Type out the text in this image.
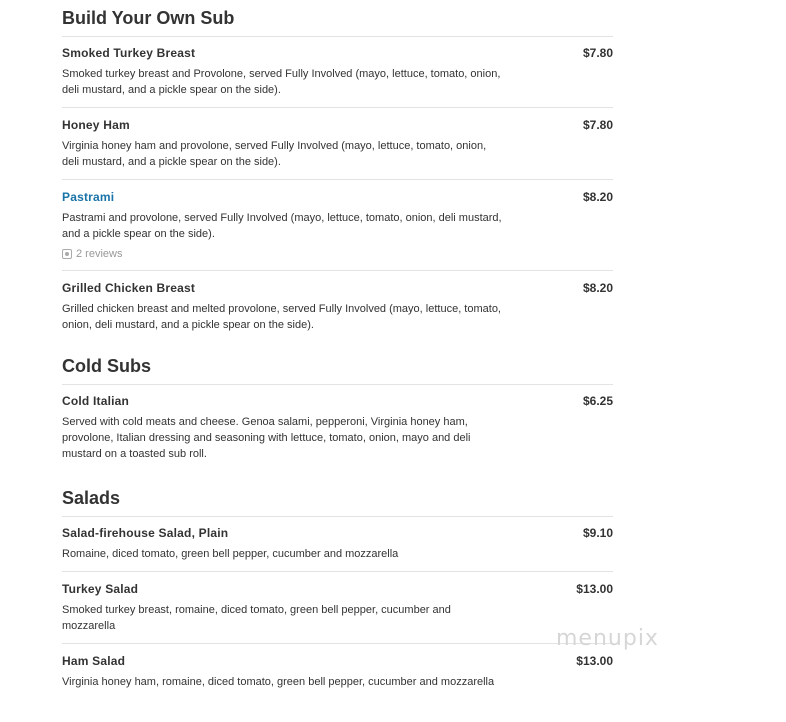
Build Your Own Sub
Smoked Turkey Breast	$7.80
Smoked turkey breast and Provolone, served Fully Involved (mayo, lettuce, tomato, onion, deli mustard, and a pickle spear on the side).
Honey Ham	$7.80
Virginia honey ham and provolone, served Fully Involved (mayo, lettuce, tomato, onion, deli mustard, and a pickle spear on the side).
Pastrami	$8.20
Pastrami and provolone, served Fully Involved (mayo, lettuce, tomato, onion, deli mustard, and a pickle spear on the side).
2 reviews
Grilled Chicken Breast	$8.20
Grilled chicken breast and melted provolone, served Fully Involved (mayo, lettuce, tomato, onion, deli mustard, and a pickle spear on the side).
Cold Subs
Cold Italian	$6.25
Served with cold meats and cheese. Genoa salami, pepperoni, Virginia honey ham, provolone, Italian dressing and seasoning with lettuce, tomato, onion, mayo and deli mustard on a toasted sub roll.
Salads
Salad-firehouse Salad, Plain	$9.10
Romaine, diced tomato, green bell pepper, cucumber and mozzarella
Turkey Salad	$13.00
Smoked turkey breast, romaine, diced tomato, green bell pepper, cucumber and mozzarella
Ham Salad	$13.00
Virginia honey ham, romaine, diced tomato, green bell pepper, cucumber and mozzarella
menupix
